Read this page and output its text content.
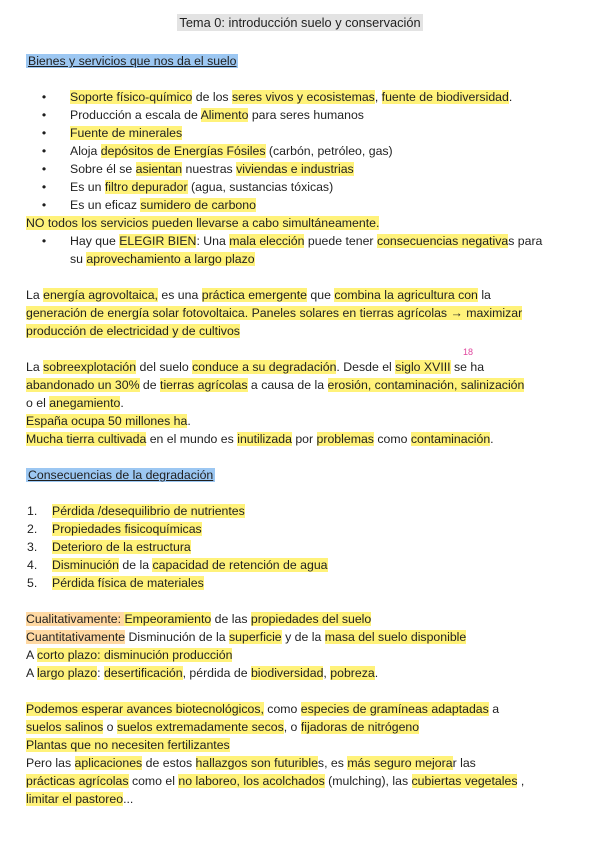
Tema 0: introducción suelo y conservación
Bienes y servicios que nos da el suelo
• Soporte físico-químico de los seres vivos y ecosistemas, fuente de biodiversidad.
• Producción a escala de Alimento para seres humanos
• Fuente de minerales
• Aloja depósitos de Energías Fósiles (carbón, petróleo, gas)
• Sobre él se asientan nuestras viviendas e industrias
• Es un filtro depurador (agua, sustancias tóxicas)
• Es un eficaz sumidero de carbono
NO todos los servicios pueden llevarse a cabo simultáneamente.
• Hay que ELEGIR BIEN: Una mala elección puede tener consecuencias negativas para
su aprovechamiento a largo plazo
La energía agrovoltaica, es una práctica emergente que combina la agricultura con la
generación de energía solar fotovoltaica. Paneles solares en tierras agrícolas → maximizar
producción de electricidad y de cultivos
18
La sobreexplotación del suelo conduce a su degradación. Desde el siglo XVIII se ha
abandonado un 30% de tierras agrícolas a causa de la erosión, contaminación, salinización
o el anegamiento.
España ocupa 50 millones ha.
Mucha tierra cultivada en el mundo es inutilizada por problemas como contaminación.
Consecuencias de la degradación
1. Pérdida /desequilibrio de nutrientes
2. Propiedades fisicoquímicas
3. Deterioro de la estructura
4. Disminución de la capacidad de retención de agua
5. Pérdida física de materiales
Cualitativamente: Empeoramiento de las propiedades del suelo
Cuantitativamente Disminución de la superficie y de la masa del suelo disponible
A corto plazo: disminución producción
A largo plazo: desertificación, pérdida de biodiversidad, pobreza.
Podemos esperar avances biotecnológicos, como especies de gramíneas adaptadas a
suelos salinos o suelos extremadamente secos, o fijadoras de nitrógeno
Plantas que no necesiten fertilizantes
Pero las aplicaciones de estos hallazgos son futuribles, es más seguro mejorar las
prácticas agrícolas como el no laboreo, los acolchados (mulching), las cubiertas vegetales ,
limitar el pastoreo...
